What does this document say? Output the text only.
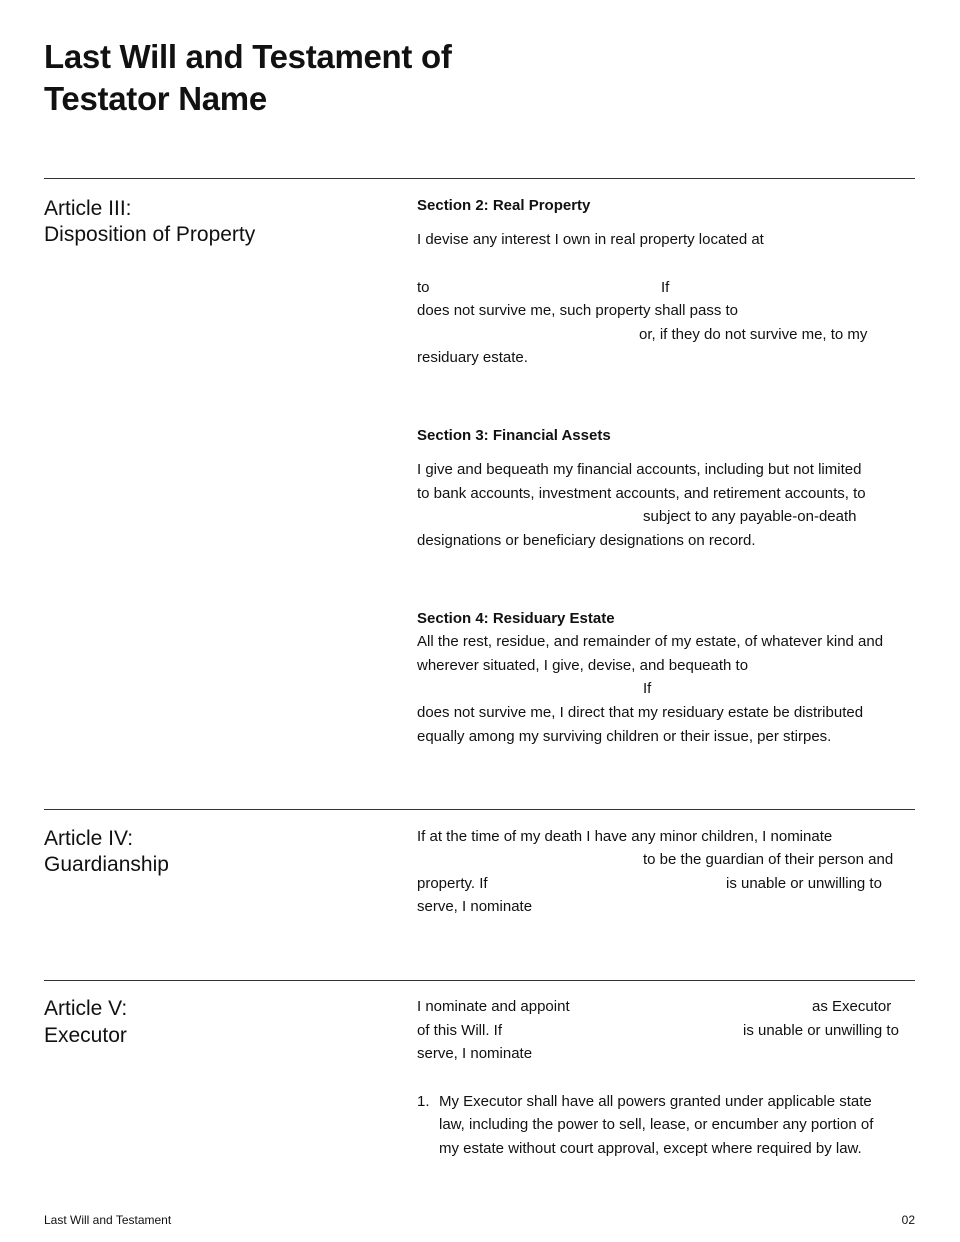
Last Will and Testament of
Testator Name
Article III:
Disposition of Property
Section 2: Real Property
I devise any interest I own in real property located at
to	If
does not survive me, such property shall pass to
or, if they do not survive me, to my
residuary estate.
Section 3: Financial Assets
I give and bequeath my financial accounts, including but not limited
to bank accounts, investment accounts, and retirement accounts, to
subject to any payable-on-death
designations or beneficiary designations on record.
Section 4: Residuary Estate
All the rest, residue, and remainder of my estate, of whatever kind and
wherever situated, I give, devise, and bequeath to
If
does not survive me, I direct that my residuary estate be distributed
equally among my surviving children or their issue, per stirpes.
Article IV:
Guardianship
If at the time of my death I have any minor children, I nominate
to be the guardian of their person and
property. If	is unable or unwilling to
serve, I nominate
Article V:
Executor
I nominate and appoint	as Executor
of this Will. If	is unable or unwilling to
serve, I nominate
1. My Executor shall have all powers granted under applicable state
law, including the power to sell, lease, or encumber any portion of
my estate without court approval, except where required by law.
Last Will and Testament	02
